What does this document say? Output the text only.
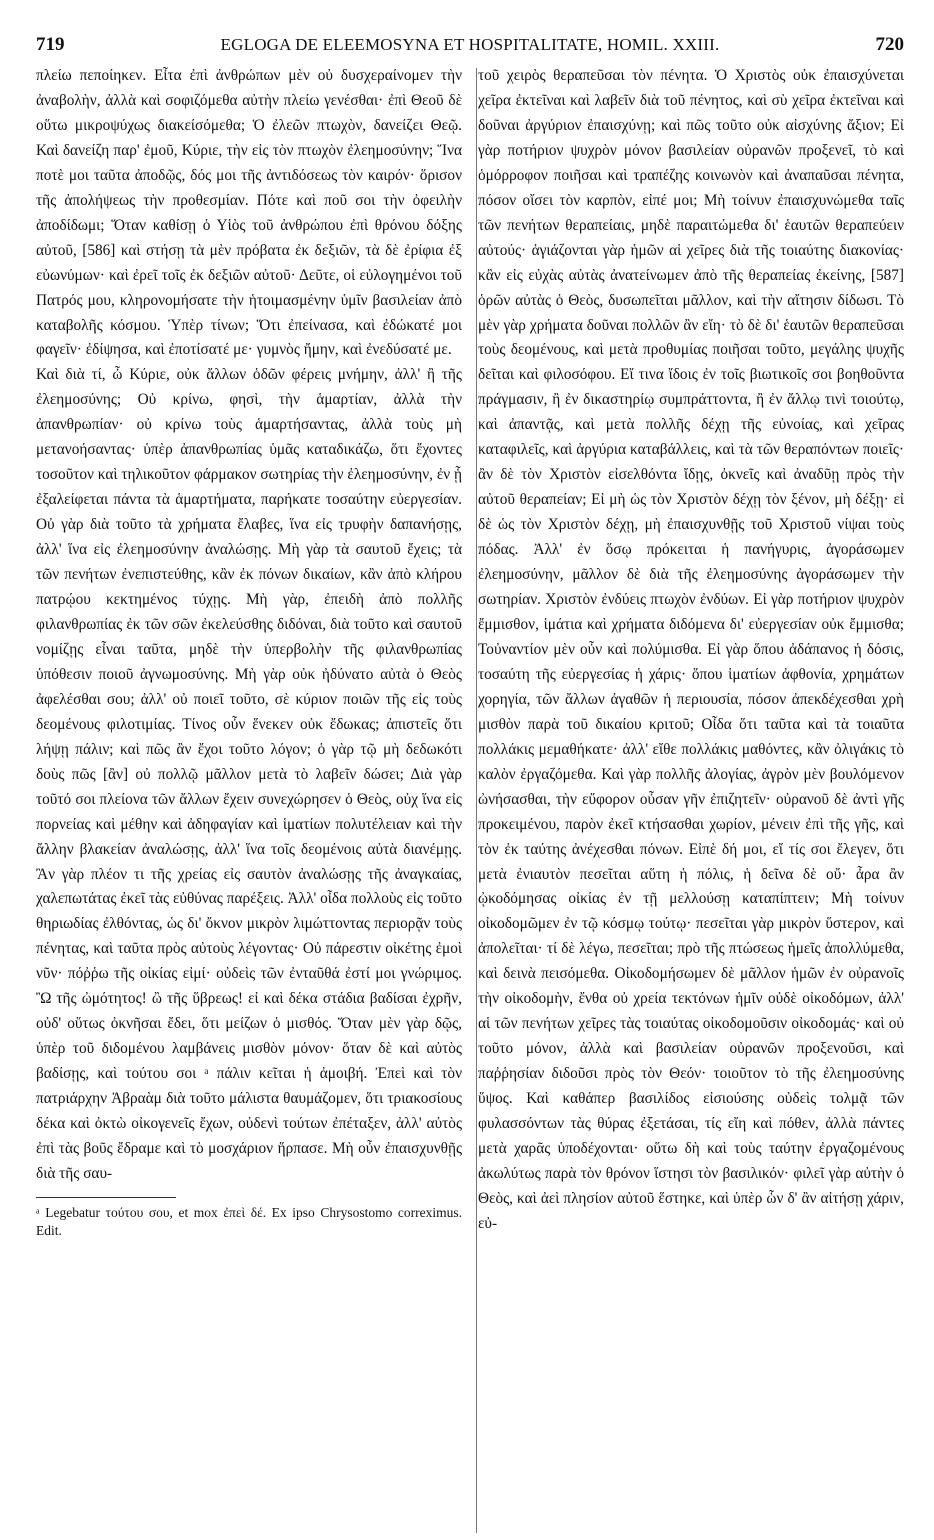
719	EGLOGA DE ELEEMOSYNA ET HOSPITALITATE, HOMIL. XXIII.	720

πλείω πεποίηκεν. Εἶτα ἐπὶ ἀνθρώπων μὲν οὐ δυσχεραίνομεν τὴν ἀναβολὴν, ἀλλὰ καὶ σοφιζόμεθα αὐτὴν πλείω γενέσθαι· ἐπὶ Θεοῦ δὲ οὕτω μικροψύχως διακείσόμεθα; Ὁ ἐλεῶν πτωχὸν, δανείζει Θεῷ. Καὶ δανείζη παρ' ἐμοῦ, Κύριε, τὴν εἰς τὸν πτωχὸν ἐλεημοσύνην; Ἵνα ποτὲ μοι ταῦτα ἀποδῷς, δός μοι τῆς ἀντιδόσεως τὸν καιρόν· ὅρισον τῆς ἀπολήψεως τὴν προθεσμίαν. Πότε καὶ ποῦ σοι τὴν ὀφειλὴν ἀποδίδωμι; Ὅταν καθίσῃ ὁ Υἱὸς τοῦ ἀνθρώπου ἐπὶ θρόνου δόξης αὐτοῦ, [586] καὶ στήσῃ τὰ μὲν πρόβατα ἐκ δεξιῶν, τὰ δὲ ἐρίφια ἐξ εὐωνύμων· καὶ ἐρεῖ τοῖς ἐκ δεξιῶν αὐτοῦ· Δεῦτε, οἱ εὐλογημένοι τοῦ Πατρός μου, κληρονομήσατε τὴν ἡτοιμασμένην ὑμῖν βασιλείαν ἀπὸ καταβολῆς κόσμου. Ὑπὲρ τίνων; Ὅτι ἐπείνασα, καὶ ἐδώκατέ μοι φαγεῖν· ἐδίψησα, καὶ ἐποτίσατέ με· γυμνὸς ἤμην, καὶ ἐνεδύσατέ με.

Καὶ διὰ τί, ὦ Κύριε, οὐκ ἄλλων ὁδῶν φέρεις μνήμην, ἀλλ' ἢ τῆς ἐλεημοσύνης; Οὐ κρίνω, φησὶ, τὴν ἁμαρτίαν, ἀλλὰ τὴν ἀπανθρωπίαν· οὐ κρίνω τοὺς ἁμαρτήσαντας, ἀλλὰ τοὺς μὴ μετανοήσαντας· ὑπὲρ ἀπανθρωπίας ὑμᾶς καταδικάζω, ὅτι ἔχοντες τοσοῦτον καὶ τηλικοῦτον φάρμακον σωτηρίας τὴν ἐλεημοσύνην, ἐν ᾗ ἐξαλείφεται πάντα τὰ ἁμαρτήματα, παρήκατε τοσαύτην εὐεργεσίαν. Οὐ γὰρ διὰ τοῦτο τὰ χρήματα ἔλαβες, ἵνα εἰς τρυφὴν δαπανήσῃς, ἀλλ' ἵνα εἰς ἐλεημοσύνην ἀναλώσῃς. Μὴ γὰρ τὰ σαυτοῦ ἔχεις; τὰ τῶν πενήτων ἐνεπιστεύθης, κἂν ἐκ πόνων δικαίων, κἂν ἀπὸ κλήρου πατρῴου κεκτημένος τύχῃς. Μὴ γὰρ, ἐπειδὴ ἀπὸ πολλῆς φιλανθρωπίας ἐκ τῶν σῶν ἐκελεύσθης διδόναι, διὰ τοῦτο καὶ σαυτοῦ νομίζῃς εἶναι ταῦτα, μηδὲ τὴν ὑπερβολὴν τῆς φιλανθρωπίας ὑπόθεσιν ποιοῦ ἀγνωμοσύνης. Μὴ γὰρ οὐκ ἠδύνατο αὐτὰ ὁ Θεὸς ἀφελέσθαι σου; ἀλλ' οὐ ποιεῖ τοῦτο, σὲ κύριον ποιῶν τῆς εἰς τοὺς δεομένους φιλοτιμίας. Τίνος οὖν ἕνεκεν οὐκ ἔδωκας; ἀπιστεῖς ὅτι λήψῃ πάλιν; καὶ πῶς ἂν ἔχοι τοῦτο λόγον; ὁ γὰρ τῷ μὴ δεδωκότι δοὺς πῶς [ἂν] οὐ πολλῷ μᾶλλον μετὰ τὸ λαβεῖν δώσει; Διὰ γὰρ τοῦτό σοι πλείονα τῶν ἄλλων ἔχειν συνεχώρησεν ὁ Θεὸς, οὐχ ἵνα εἰς πορνείας καὶ μέθην καὶ ἀδηφαγίαν καὶ ἱματίων πολυτέλειαν καὶ τὴν ἄλλην βλακείαν ἀναλώσῃς, ἀλλ' ἵνα τοῖς δεομένοις αὐτὰ διανέμῃς. Ἂν γὰρ πλέον τι τῆς χρείας εἰς σαυτὸν ἀναλώσῃς τῆς ἀναγκαίας, χαλεπωτάτας ἐκεῖ τὰς εὐθύνας παρέξεις. Ἀλλ' οἶδα πολλοὺς εἰς τοῦτο θηριωδίας ἐλθόντας, ὡς δι' ὄκνον μικρὸν λιμώττοντας περιορᾷν τοὺς πένητας, καὶ ταῦτα πρὸς αὐτοὺς λέγοντας· Οὐ πάρεστιν οἰκέτης ἐμοὶ νῦν· πόῤῥω τῆς οἰκίας εἰμί· οὐδεὶς τῶν ἐνταῦθά ἐστί μοι γνώριμος. Ὢ τῆς ὠμότητος! ὢ τῆς ὕβρεως! εἰ καὶ δέκα στάδια βαδίσαι ἐχρῆν, οὐδ' οὕτως ὀκνῆσαι ἔδει, ὅτι μείζων ὁ μισθός. Ὅταν μὲν γὰρ δῷς, ὑπὲρ τοῦ διδομένου λαμβάνεις μισθὸν μόνον· ὅταν δὲ καὶ αὐτὸς βαδίσῃς, καὶ τούτου σοι ᵃ πάλιν κεῖται ἡ ἀμοιβή. Ἐπεὶ καὶ τὸν πατριάρχην Ἀβραὰμ διὰ τοῦτο μάλιστα θαυμάζομεν, ὅτι τριακοσίους δέκα καὶ ὀκτὼ οἰκογενεῖς ἔχων, οὐδενὶ τούτων ἐπέταξεν, ἀλλ' αὐτὸς ἐπὶ τὰς βοῦς ἔδραμε καὶ τὸ μοσχάριον ἥρπασε. Μὴ οὖν ἐπαισχυνθῇς διὰ τῆς σαυ-

ᵃ Legebatur τούτου σου, et mox ἐπεὶ δέ. Ex ipso Chrysostomo correximus. Edit.

τοῦ χειρὸς θεραπεῦσαι τὸν πένητα. Ὁ Χριστὸς οὐκ ἐπαισχύνεται χεῖρα ἐκτεῖναι καὶ λαβεῖν διὰ τοῦ πένητος, καὶ σὺ χεῖρα ἐκτεῖναι καὶ δοῦναι ἀργύριον ἐπαισχύνῃ; καὶ πῶς τοῦτο οὐκ αἰσχύνης ἄξιον; Εἰ γὰρ ποτήριον ψυχρὸν μόνον βασιλείαν οὐρανῶν προξενεῖ, τὸ καὶ ὁμόρροφον ποιῆσαι καὶ τραπέζης κοινωνὸν καὶ ἀναπαῦσαι πένητα, πόσον οἴσει τὸν καρπὸν, εἰπέ μοι; Μὴ τοίνυν ἐπαισχυνώμεθα ταῖς τῶν πενήτων θεραπείαις, μηδὲ παραιτώμεθα δι' ἑαυτῶν θεραπεύειν αὐτούς· ἁγιάζονται γὰρ ἡμῶν αἱ χεῖρες διὰ τῆς τοιαύτης διακονίας· κἂν εἰς εὐχὰς αὐτὰς ἀνατείνωμεν ἀπὸ τῆς θεραπείας ἐκείνης, [587] ὁρῶν αὐτὰς ὁ Θεὸς, δυσωπεῖται μᾶλλον, καὶ τὴν αἴτησιν δίδωσι. Τὸ μὲν γὰρ χρήματα δοῦναι πολλῶν ἂν εἴη· τὸ δὲ δι' ἑαυτῶν θεραπεῦσαι τοὺς δεομένους, καὶ μετὰ προθυμίας ποιῆσαι τοῦτο, μεγάλης ψυχῆς δεῖται καὶ φιλοσόφου. Εἴ τινα ἴδοις ἐν τοῖς βιωτικοῖς σοι βοηθοῦντα πράγμασιν, ἢ ἐν δικαστηρίῳ συμπράττοντα, ἢ ἐν ἄλλῳ τινὶ τοιούτῳ, καὶ ἀπαντᾷς, καὶ μετὰ πολλῆς δέχῃ τῆς εὐνοίας, καὶ χεῖρας καταφιλεῖς, καὶ ἀργύρια καταβάλλεις, καὶ τὰ τῶν θεραπόντων ποιεῖς· ἂν δὲ τὸν Χριστὸν εἰσελθόντα ἴδῃς, ὀκνεῖς καὶ ἀναδῦῃ πρὸς τὴν αὐτοῦ θεραπείαν; Εἰ μὴ ὡς τὸν Χριστὸν δέχῃ τὸν ξένον, μὴ δέξῃ· εἰ δὲ ὡς τὸν Χριστὸν δέχῃ, μὴ ἐπαισχυνθῇς τοῦ Χριστοῦ νίψαι τοὺς πόδας. Ἀλλ' ἐν ὅσῳ πρόκειται ἡ πανήγυρις, ἀγοράσωμεν ἐλεημοσύνην, μᾶλλον δὲ διὰ τῆς ἐλεημοσύνης ἀγοράσωμεν τὴν σωτηρίαν. Χριστὸν ἐνδύεις πτωχὸν ἐνδύων. Εἰ γὰρ ποτήριον ψυχρὸν ἔμμισθον, ἱμάτια καὶ χρήματα διδόμενα δι' εὐεργεσίαν οὐκ ἔμμισθα; Τοὐναντίον μὲν οὖν καὶ πολύμισθα. Εἰ γὰρ ὅπου ἀδάπανος ἡ δόσις, τοσαύτη τῆς εὐεργεσίας ἡ χάρις· ὅπου ἱματίων ἀφθονία, χρημάτων χορηγία, τῶν ἄλλων ἀγαθῶν ἡ περιουσία, πόσον ἀπεκδέχεσθαι χρὴ μισθὸν παρὰ τοῦ δικαίου κριτοῦ; Οἶδα ὅτι ταῦτα καὶ τὰ τοιαῦτα πολλάκις μεμαθήκατε· ἀλλ' εἴθε πολλάκις μαθόντες, κἂν ὀλιγάκις τὸ καλὸν ἐργαζόμεθα. Καὶ γὰρ πολλῆς ἀλογίας, ἀγρὸν μὲν βουλόμενον ὠνήσασθαι, τὴν εὔφορον οὖσαν γῆν ἐπιζητεῖν· οὐρανοῦ δὲ ἀντὶ γῆς προκειμένου, παρὸν ἐκεῖ κτήσασθαι χωρίον, μένειν ἐπὶ τῆς γῆς, καὶ τὸν ἐκ ταύτης ἀνέχεσθαι πόνων. Εἰπὲ δή μοι, εἴ τίς σοι ἔλεγεν, ὅτι μετὰ ἐνιαυτὸν πεσεῖται αὕτη ἡ πόλις, ἡ δεῖνα δὲ οὔ· ἆρα ἂν ᾠκοδόμησας οἰκίας ἐν τῇ μελλούσῃ καταπίπτειν; Μὴ τοίνυν οἰκοδομῶμεν ἐν τῷ κόσμῳ τούτῳ· πεσεῖται γὰρ μικρὸν ὕστερον, καὶ ἀπολεῖται· τί δὲ λέγω, πεσεῖται; πρὸ τῆς πτώσεως ἡμεῖς ἀπολλύμεθα, καὶ δεινὰ πεισόμεθα. Οἰκοδομήσωμεν δὲ μᾶλλον ἡμῶν ἐν οὐρανοῖς τὴν οἰκοδομὴν, ἔνθα οὐ χρεία τεκτόνων ἡμῖν οὐδὲ οἰκοδόμων, ἀλλ' αἱ τῶν πενήτων χεῖρες τὰς τοιαύτας οἰκοδομοῦσιν οἰκοδομάς· καὶ οὐ τοῦτο μόνον, ἀλλὰ καὶ βασιλείαν οὐρανῶν προξενοῦσι, καὶ παῤῥησίαν διδοῦσι πρὸς τὸν Θεόν· τοιοῦτον τὸ τῆς ἐλεημοσύνης ὕψος. Καὶ καθάπερ βασιλίδος εἰσιούσης οὐδεὶς τολμᾷ τῶν φυλασσόντων τὰς θύρας ἐξετάσαι, τίς εἴη καὶ πόθεν, ἀλλὰ πάντες μετὰ χαρᾶς ὑποδέχονται· οὕτω δὴ καὶ τοὺς ταύτην ἐργαζομένους ἀκωλύτως παρὰ τὸν θρόνον ἵστησι τὸν βασιλικόν· φιλεῖ γὰρ αὐτὴν ὁ Θεὸς, καὶ ἀεὶ πλησίον αὐτοῦ ἕστηκε, καὶ ὑπὲρ ὧν δ' ἂν αἰτήσῃ χάριν, εὐ-
